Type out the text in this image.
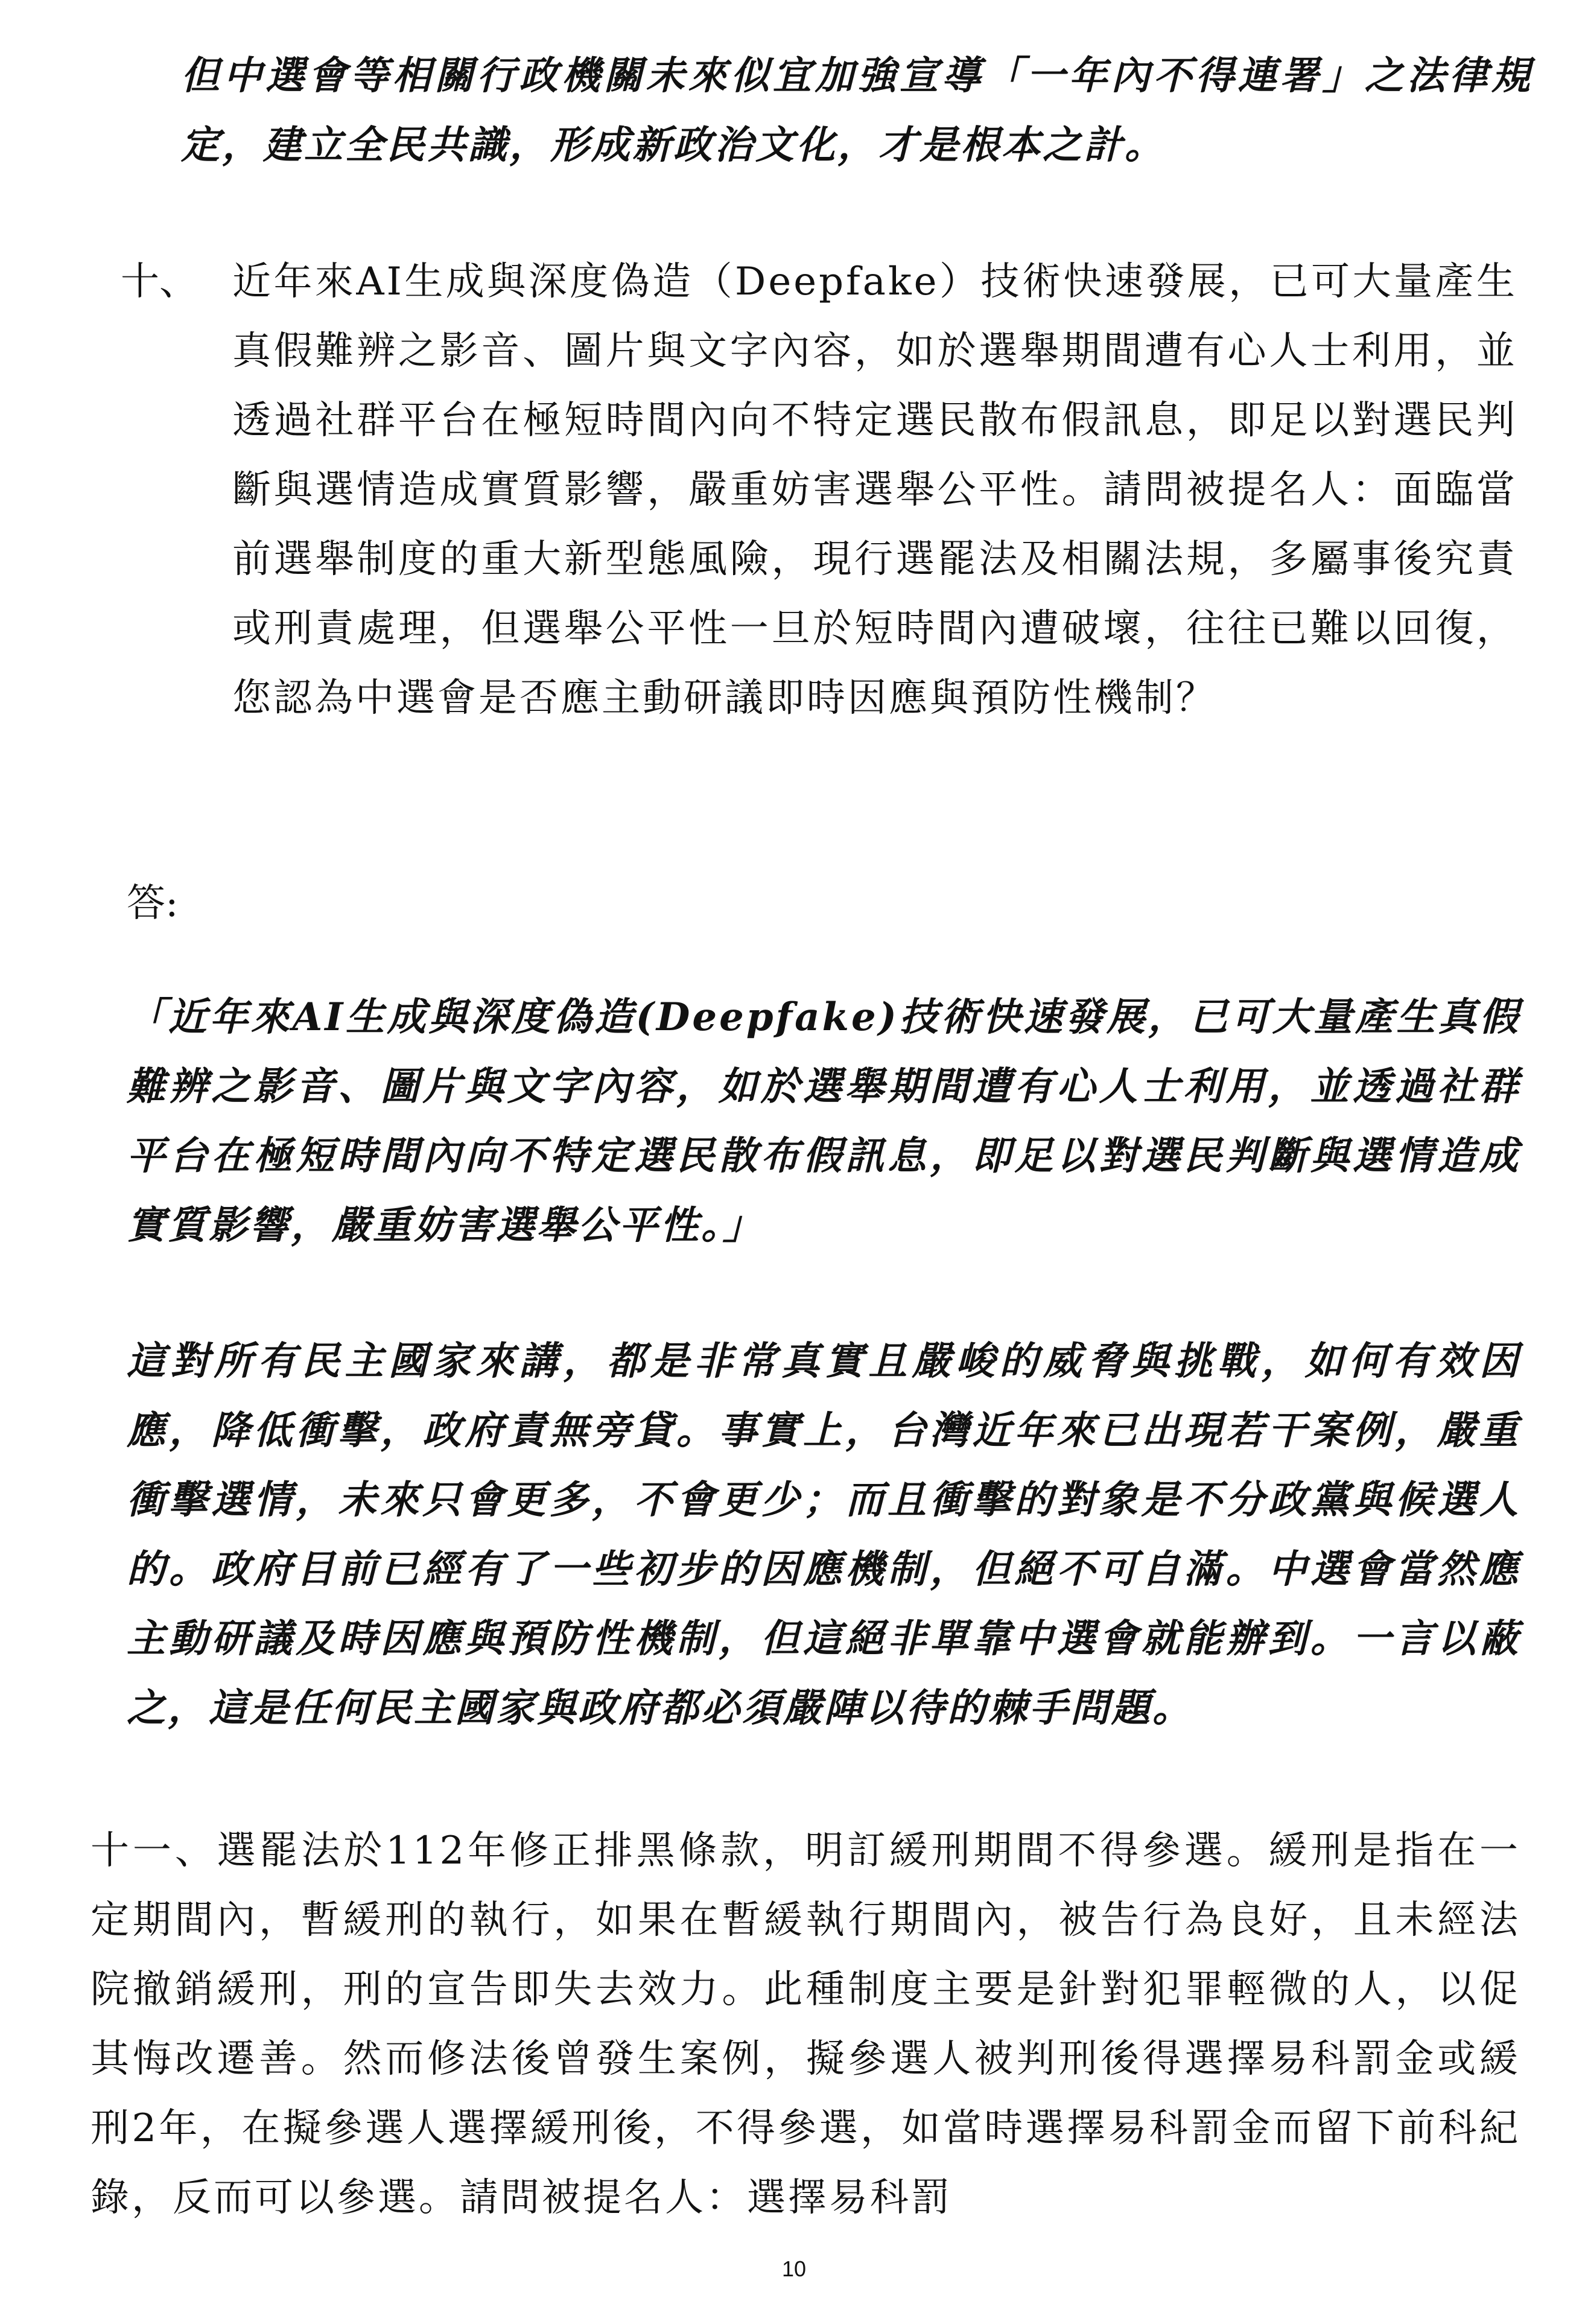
但中選會等相關行政機關未來似宜加強宣導「一年內不得連署」之法律規定，建立全民共識，形成新政治文化，才是根本之計。

十、 近年來AI生成與深度偽造（Deepfake）技術快速發展，已可大量產生真假難辨之影音、圖片與文字內容，如於選舉期間遭有心人士利用，並透過社群平台在極短時間內向不特定選民散布假訊息，即足以對選民判斷與選情造成實質影響，嚴重妨害選舉公平性。請問被提名人：面臨當前選舉制度的重大新型態風險，現行選罷法及相關法規，多屬事後究責或刑責處理，但選舉公平性一旦於短時間內遭破壞，往往已難以回復，您認為中選會是否應主動研議即時因應與預防性機制？

答:

「近年來AI生成與深度偽造(Deepfake)技術快速發展，已可大量產生真假難辨之影音、圖片與文字內容，如於選舉期間遭有心人士利用，並透過社群平台在極短時間內向不特定選民散布假訊息，即足以對選民判斷與選情造成實質影響，嚴重妨害選舉公平性。」

這對所有民主國家來講，都是非常真實且嚴峻的威脅與挑戰，如何有效因應，降低衝擊，政府責無旁貸。事實上，台灣近年來已出現若干案例，嚴重衝擊選情，未來只會更多，不會更少；而且衝擊的對象是不分政黨與候選人的。政府目前已經有了一些初步的因應機制，但絕不可自滿。中選會當然應主動研議及時因應與預防性機制，但這絕非單靠中選會就能辦到。一言以蔽之，這是任何民主國家與政府都必須嚴陣以待的棘手問題。

十一、選罷法於112年修正排黑條款，明訂緩刑期間不得參選。緩刑是指在一定期間內，暫緩刑的執行，如果在暫緩執行期間內，被告行為良好，且未經法院撤銷緩刑，刑的宣告即失去效力。此種制度主要是針對犯罪輕微的人，以促其悔改遷善。然而修法後曾發生案例，擬參選人被判刑後得選擇易科罰金或緩刑2年，在擬參選人選擇緩刑後，不得參選，如當時選擇易科罰金而留下前科紀錄，反而可以參選。請問被提名人：選擇易科罰

10
